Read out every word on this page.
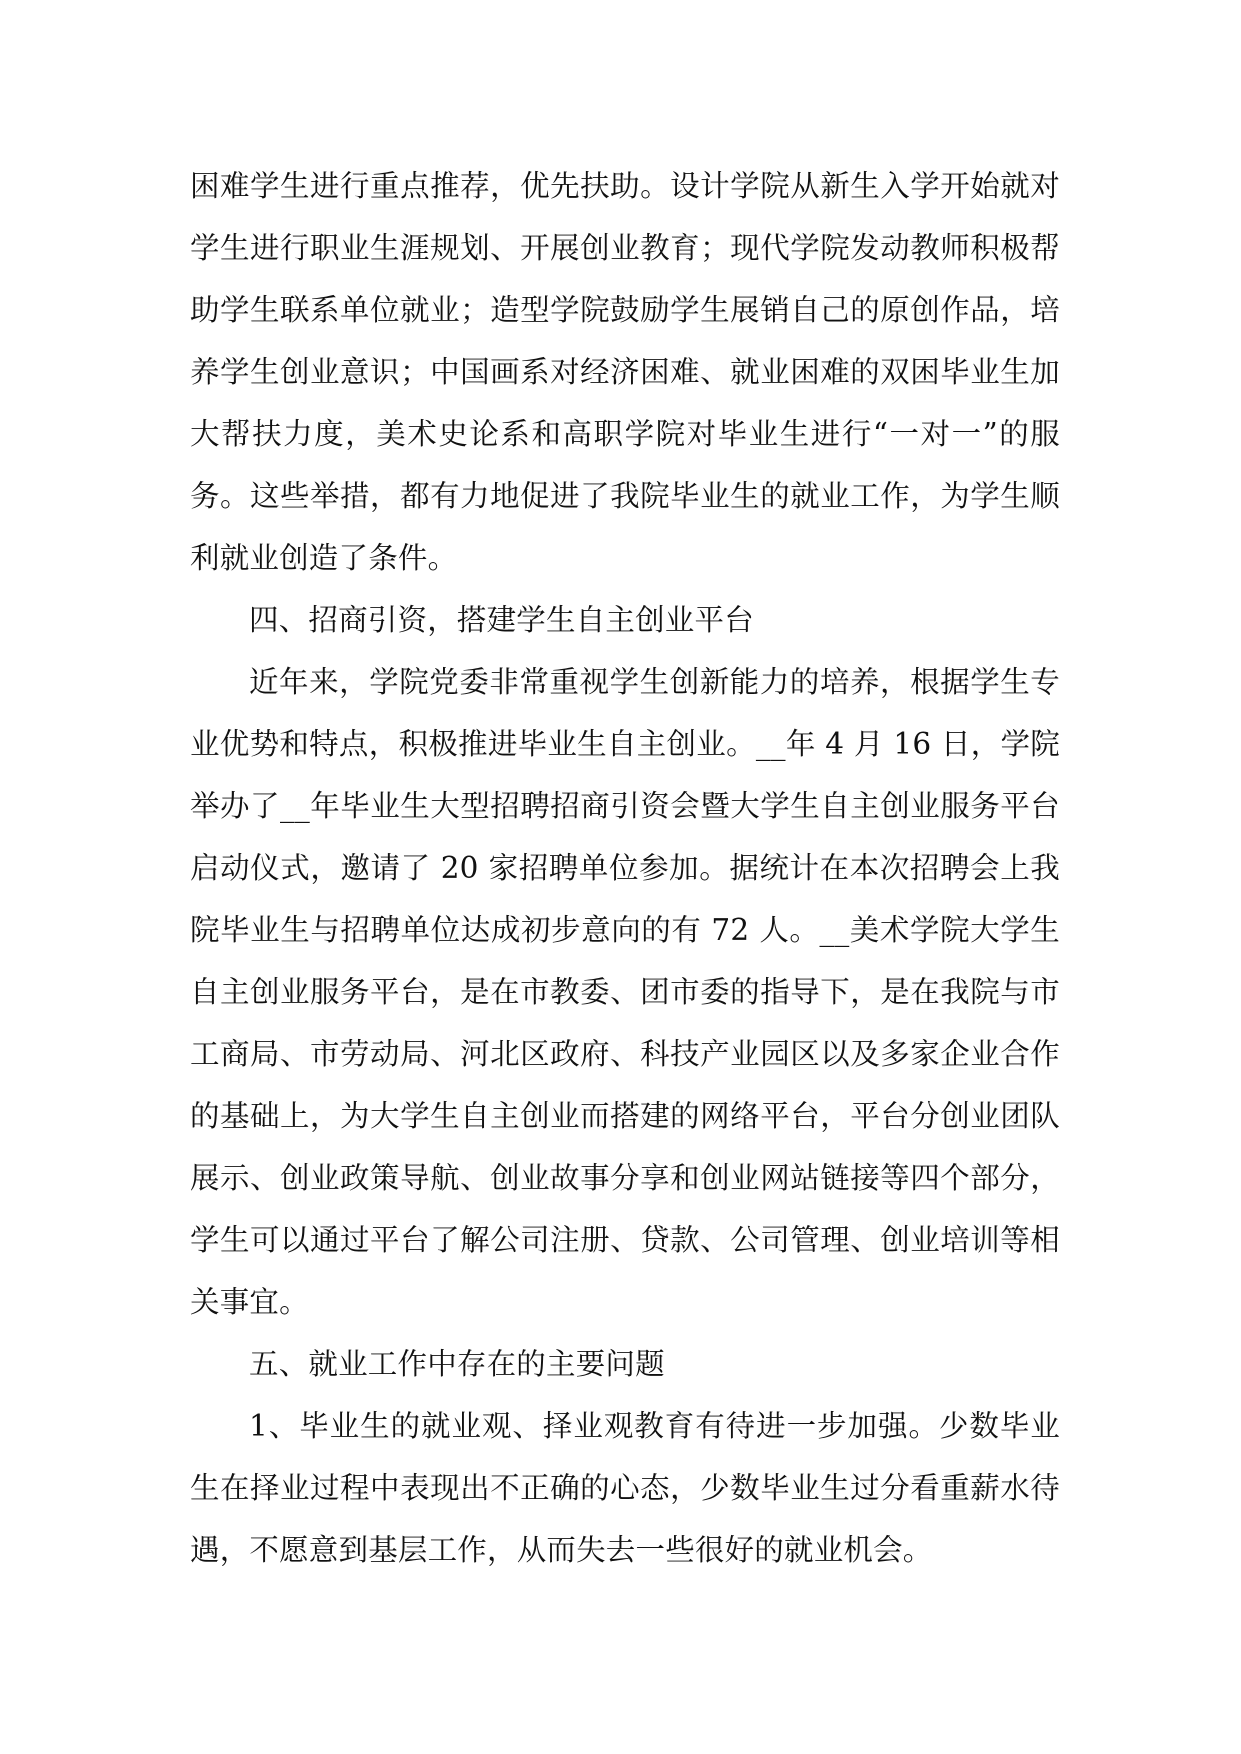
困难学生进行重点推荐，优先扶助。设计学院从新生入学开始就对学生进行职业生涯规划、开展创业教育；现代学院发动教师积极帮助学生联系单位就业；造型学院鼓励学生展销自己的原创作品，培养学生创业意识；中国画系对经济困难、就业困难的双困毕业生加大帮扶力度，美术史论系和高职学院对毕业生进行“一对一”的服务。这些举措，都有力地促进了我院毕业生的就业工作，为学生顺利就业创造了条件。

四、招商引资，搭建学生自主创业平台

近年来，学院党委非常重视学生创新能力的培养，根据学生专业优势和特点，积极推进毕业生自主创业。__年 4 月 16 日，学院举办了__年毕业生大型招聘招商引资会暨大学生自主创业服务平台启动仪式，邀请了 20 家招聘单位参加。据统计在本次招聘会上我院毕业生与招聘单位达成初步意向的有 72 人。__美术学院大学生自主创业服务平台，是在市教委、团市委的指导下，是在我院与市工商局、市劳动局、河北区政府、科技产业园区以及多家企业合作的基础上，为大学生自主创业而搭建的网络平台，平台分创业团队展示、创业政策导航、创业故事分享和创业网站链接等四个部分，学生可以通过平台了解公司注册、贷款、公司管理、创业培训等相关事宜。

五、就业工作中存在的主要问题

1、毕业生的就业观、择业观教育有待进一步加强。少数毕业生在择业过程中表现出不正确的心态，少数毕业生过分看重薪水待遇，不愿意到基层工作，从而失去一些很好的就业机会。
